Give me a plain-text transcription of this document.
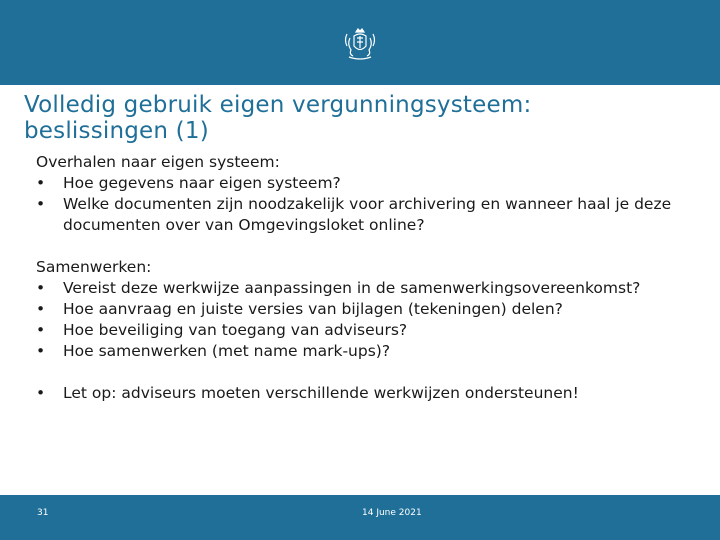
Volledig gebruik eigen vergunningsysteem:
beslissingen (1)

Overhalen naar eigen systeem:

•	Hoe gegevens naar eigen systeem?
•	Welke documenten zijn noodzakelijk voor archivering en wanneer haal je deze documenten over van Omgevingsloket online?

Samenwerken:

•	Vereist deze werkwijze aanpassingen in de samenwerkingsovereenkomst?
•	Hoe aanvraag en juiste versies van bijlagen (tekeningen) delen?
•	Hoe beveiliging van toegang van adviseurs?
•	Hoe samenwerken (met name mark-ups)?
•	Let op: adviseurs moeten verschillende werkwijzen ondersteunen!
31	14 June 2021
